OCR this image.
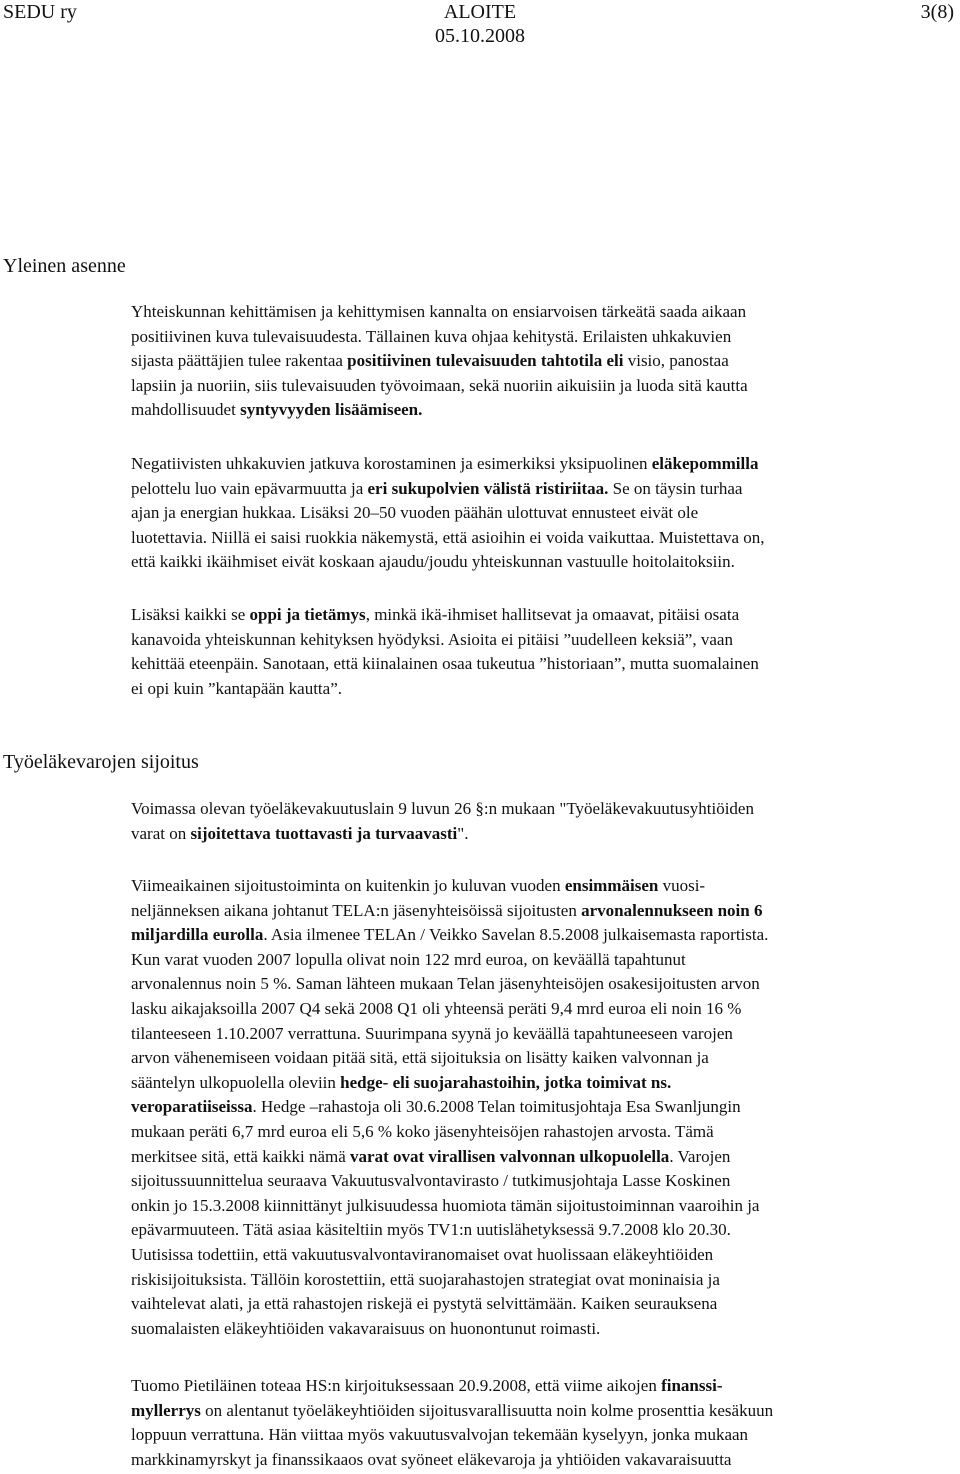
SEDU ry	ALOITE
05.10.2008
3(8)
Yleinen asenne
Yhteiskunnan kehittämisen ja kehittymisen kannalta on ensiarvoisen tärkeätä saada aikaan
positiivinen kuva tulevaisuudesta. Tällainen kuva ohjaa kehitystä. Erilaisten uhkakuvien
sijasta päättäjien tulee rakentaa positiivinen tulevaisuuden tahtotila eli visio, panostaa
lapsiin ja nuoriin, siis tulevaisuuden työvoimaan, sekä nuoriin aikuisiin ja luoda sitä kautta
mahdollisuudet syntyvyyden lisäämiseen.
Negatiivisten uhkakuvien jatkuva korostaminen ja esimerkiksi yksipuolinen eläkepommilla
pelottelu luo vain epävarmuutta ja eri sukupolvien välistä ristiriitaa. Se on täysin turhaa
ajan ja energian hukkaa. Lisäksi 20–50 vuoden päähän ulottuvat ennusteet eivät ole
luotettavia. Niillä ei saisi ruokkia näkemystä, että asioihin ei voida vaikuttaa. Muistettava on,
että kaikki ikäihmiset eivät koskaan ajaudu/joudu yhteiskunnan vastuulle hoitolaitoksiin.
Lisäksi kaikki se oppi ja tietämys, minkä ikä-ihmiset hallitsevat ja omaavat, pitäisi osata
kanavoida yhteiskunnan kehityksen hyödyksi. Asioita ei pitäisi ”uudelleen keksiä”, vaan
kehittää eteenpäin. Sanotaan, että kiinalainen osaa tukeutua ”historiaan”, mutta suomalainen
ei opi kuin ”kantapään kautta”.
Työeläkevarojen sijoitus
Voimassa olevan työeläkevakuutuslain 9 luvun 26 §:n mukaan "Työeläkevakuutusyhtiöiden
varat on sijoitettava tuottavasti ja turvaavasti".
Viimeaikainen sijoitustoiminta on kuitenkin jo kuluvan vuoden ensimmäisen vuosi-
neljänneksen aikana johtanut TELA:n jäsenyhteisöissä sijoitusten arvonalennukseen noin 6
miljardilla eurolla. Asia ilmenee TELAn / Veikko Savelan 8.5.2008 julkaisemasta raportista.
Kun varat vuoden 2007 lopulla olivat noin 122 mrd euroa, on keväällä tapahtunut
arvonalennus noin 5 %. Saman lähteen mukaan Telan jäsenyhteisöjen osakesijoitusten arvon
lasku aikajaksoilla 2007 Q4 sekä 2008 Q1 oli yhteensä peräti 9,4 mrd euroa eli noin 16 %
tilanteeseen 1.10.2007 verrattuna. Suurimpana syynä jo keväällä tapahtuneeseen varojen
arvon vähenemiseen voidaan pitää sitä, että sijoituksia on lisätty kaiken valvonnan ja
sääntelyn ulkopuolella oleviin hedge- eli suojarahastoihin, jotka toimivat ns.
veroparatiiseissa. Hedge –rahastoja oli 30.6.2008 Telan toimitusjohtaja Esa Swanljungin
mukaan peräti 6,7 mrd euroa eli 5,6 % koko jäsenyhteisöjen rahastojen arvosta. Tämä
merkitsee sitä, että kaikki nämä varat ovat virallisen valvonnan ulkopuolella. Varojen
sijoitussuunnittelua seuraava Vakuutusvalvontavirasto / tutkimusjohtaja Lasse Koskinen
onkin jo 15.3.2008 kiinnittänyt julkisuudessa huomiota tämän sijoitustoiminnan vaaroihin ja
epävarmuuteen. Tätä asiaa käsiteltiin myös TV1:n uutislähetyksessä 9.7.2008 klo 20.30.
Uutisissa todettiin, että vakuutusvalvontaviranomaiset ovat huolissaan eläkeyhtiöiden
riskisijoituksista. Tällöin korostettiin, että suojarahastojen strategiat ovat moninaisia ja
vaihtelevat alati, ja että rahastojen riskejä ei pystytä selvittämään. Kaiken seurauksena
suomalaisten eläkeyhtiöiden vakavaraisuus on huonontunut roimasti.
Tuomo Pietiläinen toteaa HS:n kirjoituksessaan 20.9.2008, että viime aikojen finanssi-
myllerrys on alentanut työeläkeyhtiöiden sijoitusvarallisuutta noin kolme prosenttia kesäkuun
loppuun verrattuna. Hän viittaa myös vakuutusvalvojan tekemään kyselyyn, jonka mukaan
markkinamyrskyt ja finanssikaaos ovat syöneet eläkevaroja ja yhtiöiden vakavaraisuutta
